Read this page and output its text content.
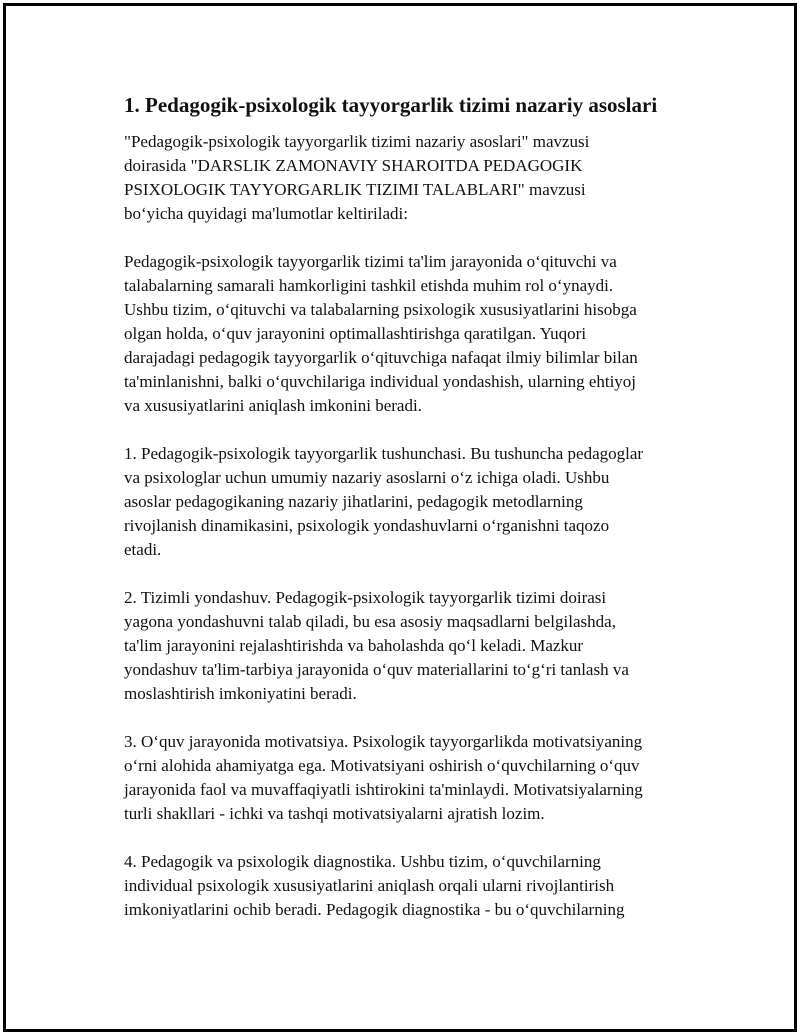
1. Pedagogik-psixologik tayyorgarlik tizimi nazariy asoslari

"Pedagogik-psixologik tayyorgarlik tizimi nazariy asoslari" mavzusi
doirasida "DARSLIK ZAMONAVIY SHAROITDA PEDAGOGIK
PSIXOLOGIK TAYYORGARLIK TIZIMI TALABLARI" mavzusi
bo‘yicha quyidagi ma'lumotlar keltiriladi:

Pedagogik-psixologik tayyorgarlik tizimi ta'lim jarayonida o‘qituvchi va
talabalarning samarali hamkorligini tashkil etishda muhim rol o‘ynaydi.
Ushbu tizim, o‘qituvchi va talabalarning psixologik xususiyatlarini hisobga
olgan holda, o‘quv jarayonini optimallashtirishga qaratilgan. Yuqori
darajadagi pedagogik tayyorgarlik o‘qituvchiga nafaqat ilmiy bilimlar bilan
ta'minlanishni, balki o‘quvchilariga individual yondashish, ularning ehtiyoj
va xususiyatlarini aniqlash imkonini beradi.

1. Pedagogik-psixologik tayyorgarlik tushunchasi. Bu tushuncha pedagoglar
va psixologlar uchun umumiy nazariy asoslarni o‘z ichiga oladi. Ushbu
asoslar pedagogikaning nazariy jihatlarini, pedagogik metodlarning
rivojlanish dinamikasini, psixologik yondashuvlarni o‘rganishni taqozo
etadi.

2. Tizimli yondashuv. Pedagogik-psixologik tayyorgarlik tizimi doirasi
yagona yondashuvni talab qiladi, bu esa asosiy maqsadlarni belgilashda,
ta'lim jarayonini rejalashtirishda va baholashda qo‘l keladi. Mazkur
yondashuv ta'lim-tarbiya jarayonida o‘quv materiallarini to‘g‘ri tanlash va
moslashtirish imkoniyatini beradi.

3. O‘quv jarayonida motivatsiya. Psixologik tayyorgarlikda motivatsiyaning
o‘rni alohida ahamiyatga ega. Motivatsiyani oshirish o‘quvchilarning o‘quv
jarayonida faol va muvaffaqiyatli ishtirokini ta'minlaydi. Motivatsiyalarning
turli shakllari - ichki va tashqi motivatsiyalarni ajratish lozim.

4. Pedagogik va psixologik diagnostika. Ushbu tizim, o‘quvchilarning
individual psixologik xususiyatlarini aniqlash orqali ularni rivojlantirish
imkoniyatlarini ochib beradi. Pedagogik diagnostika - bu o‘quvchilarning
